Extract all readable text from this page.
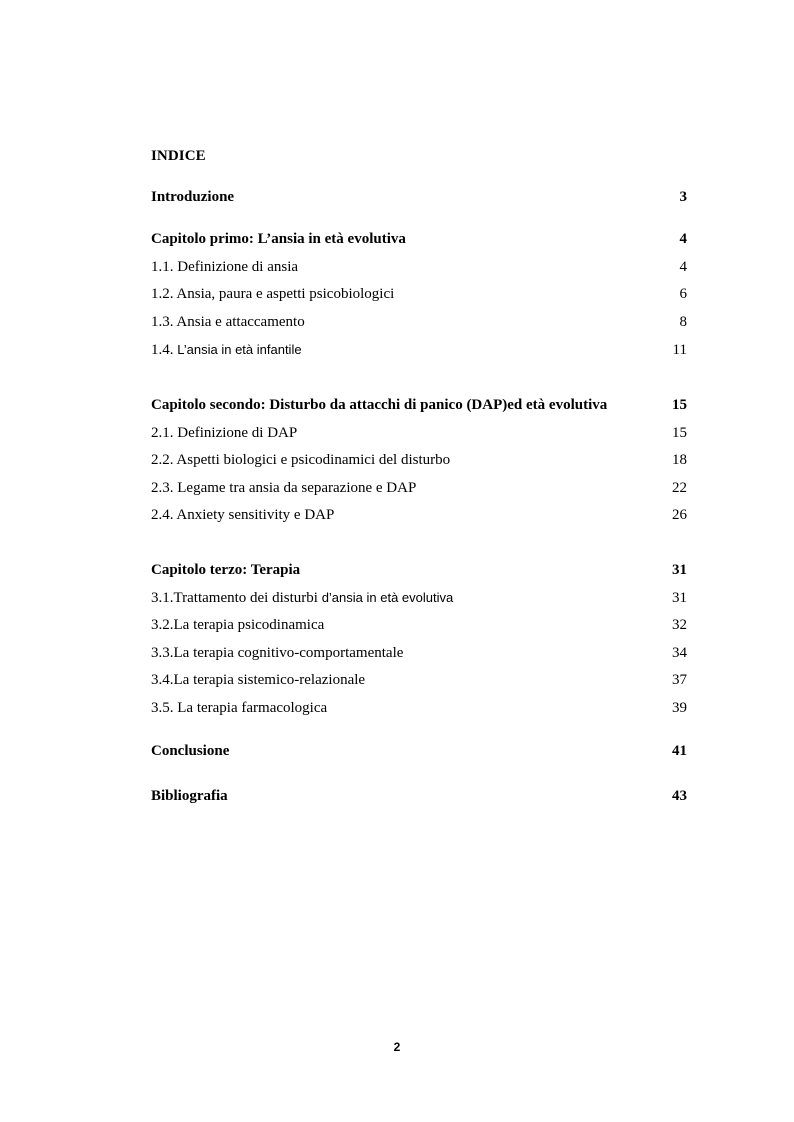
INDICE
Introduzione	3
Capitolo primo: L’ansia in età evolutiva	4
1.1. Definizione di ansia	4
1.2. Ansia, paura e aspetti psicobiologici	6
1.3. Ansia e attaccamento	8
1.4. L’ansia in età infantile	11
Capitolo secondo: Disturbo da attacchi di panico (DAP)ed età evolutiva	15
2.1. Definizione di DAP	15
2.2. Aspetti biologici e psicodinamici del disturbo	18
2.3. Legame tra ansia da separazione e DAP	22
2.4. Anxiety sensitivity e DAP	26
Capitolo terzo: Terapia	31
3.1.Trattamento dei disturbi d’ansia in età evolutiva	31
3.2.La terapia psicodinamica	32
3.3.La terapia cognitivo-comportamentale	34
3.4.La terapia sistemico-relazionale	37
3.5. La terapia farmacologica	39
Conclusione	41
Bibliografia	43
2
